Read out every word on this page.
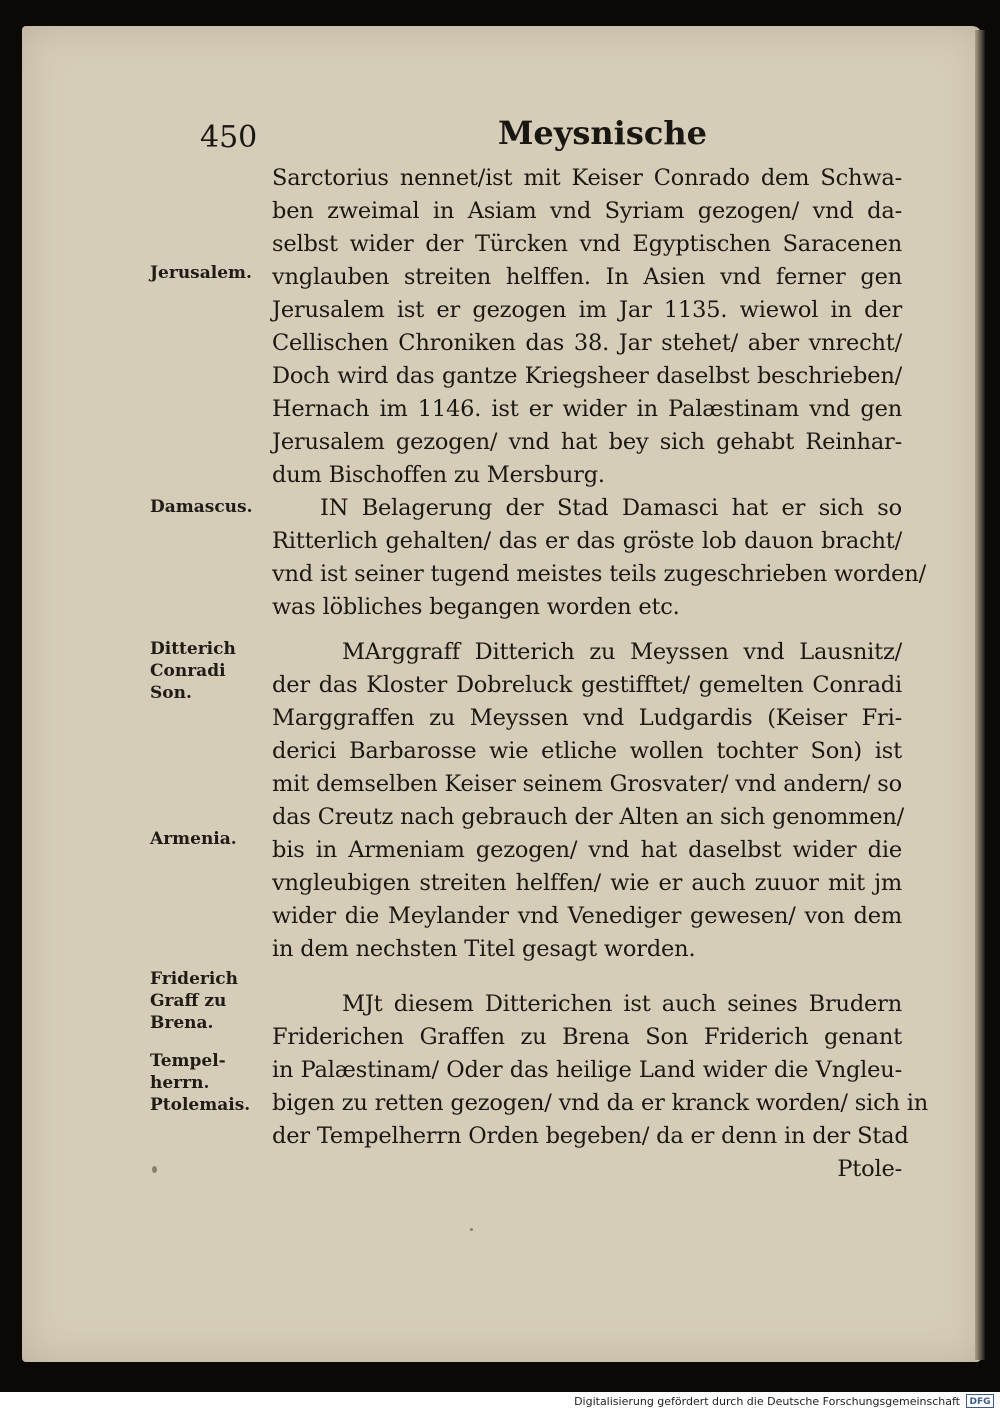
450	Meysnische
Jerusalem.
Damascus.
Ditterich Conradi Son.
Armenia.
Friderich Graff zu Brena.
Tempel-herrn.
Ptolemais.
Sarctorius nennet/ist mit Keiser Conrado dem Schwa-
ben zweimal in Asiam vnd Syriam gezogen/ vnd da-
selbst wider der Türcken vnd Egyptischen Saracenen
vnglauben streiten helffen. In Asien vnd ferner gen
Jerusalem ist er gezogen im Jar 1135. wiewol in der
Cellischen Chroniken das 38. Jar stehet/ aber vnrecht/
Doch wird das gantze Kriegsheer daselbst beschrieben/
Hernach im 1146. ist er wider in Palæstinam vnd gen
Jerusalem gezogen/ vnd hat bey sich gehabt Reinhar-
dum Bischoffen zu Mersburg.
IN Belagerung der Stad Damasci hat er sich so
Ritterlich gehalten/ das er das gröste lob dauon bracht/
vnd ist seiner tugend meistes teils zugeschrieben worden/
was löbliches begangen worden etc.
MArggraff Ditterich zu Meyssen vnd Lausnitz/
der das Kloster Dobreluck gestifftet/ gemelten Conradi
Marggraffen zu Meyssen vnd Ludgardis (Keiser Fri-
derici Barbarosse wie etliche wollen tochter Son) ist
mit demselben Keiser seinem Grosvater/ vnd andern/ so
das Creutz nach gebrauch der Alten an sich genommen/
bis in Armeniam gezogen/ vnd hat daselbst wider die
vngleubigen streiten helffen/ wie er auch zuuor mit jm
wider die Meylander vnd Venediger gewesen/ von dem
in dem nechsten Titel gesagt worden.
MJt diesem Ditterichen ist auch seines Brudern
Friderichen Graffen zu Brena Son Friderich genant
in Palæstinam/ Oder das heilige Land wider die Vngleu-
bigen zu retten gezogen/ vnd da er kranck worden/ sich in
der Tempelherrn Orden begeben/ da er denn in der Stad
Ptole-
Digitalisierung gefördert durch die Deutsche Forschungsgemeinschaft	DFG
